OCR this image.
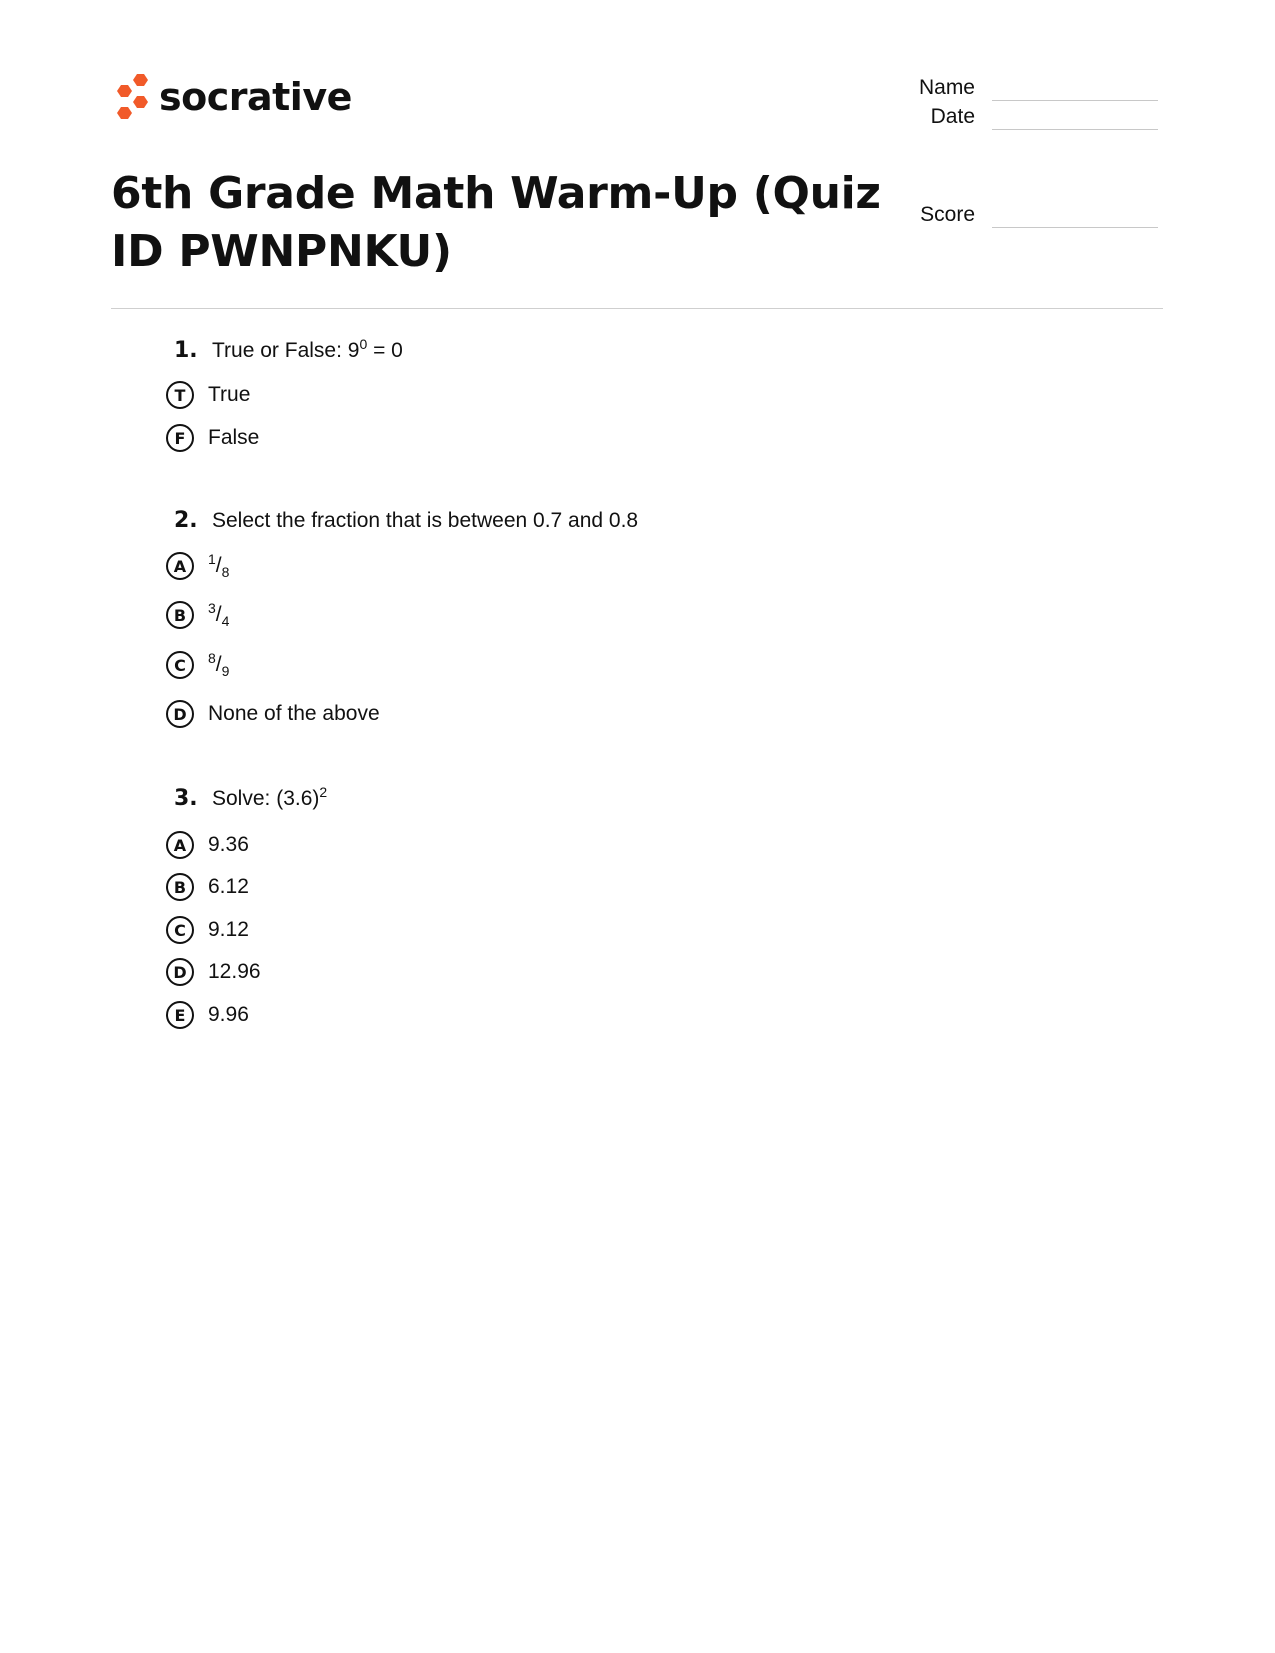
socrative	Name
Date
Score
6th Grade Math Warm-Up (Quiz ID PWNPNKU)
1. True or False: $9^0 = 0$
T	True
F	False
2. Select the fraction that is between 0.7 and 0.8
A	$^1/_8$
B	$^3/_4$
C	$^8/_9$
D	None of the above
3. Solve: $(3.6)^2$
A	9.36
B	6.12
C	9.12
D	12.96
E	9.96
